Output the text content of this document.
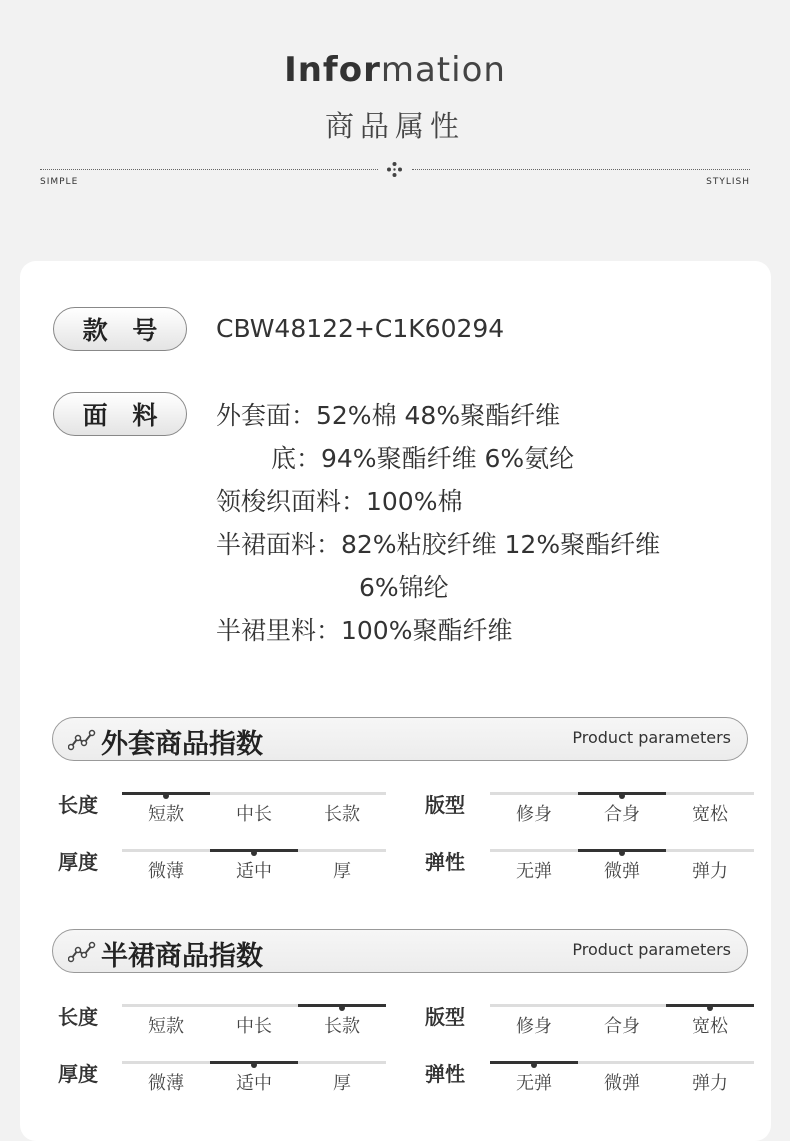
Information
商品属性
SIMPLE	STYLISH
款 号	CBW48122+C1K60294
面 料	外套面：52%棉 48%聚酯纤维
底：94%聚酯纤维 6%氨纶
领梭织面料：100%棉
半裙面料：82%粘胶纤维 12%聚酯纤维
6%锦纶
半裙里料：100%聚酯纤维
外套商品指数	Product parameters
半裙商品指数	Product parameters
长度	短款	中长	长款	版型	修身	合身	宽松
厚度	微薄	适中	厚	弹性	无弹	微弹	弹力
长度	短款	中长	长款	版型	修身	合身	宽松
厚度	微薄	适中	厚	弹性	无弹	微弹	弹力
